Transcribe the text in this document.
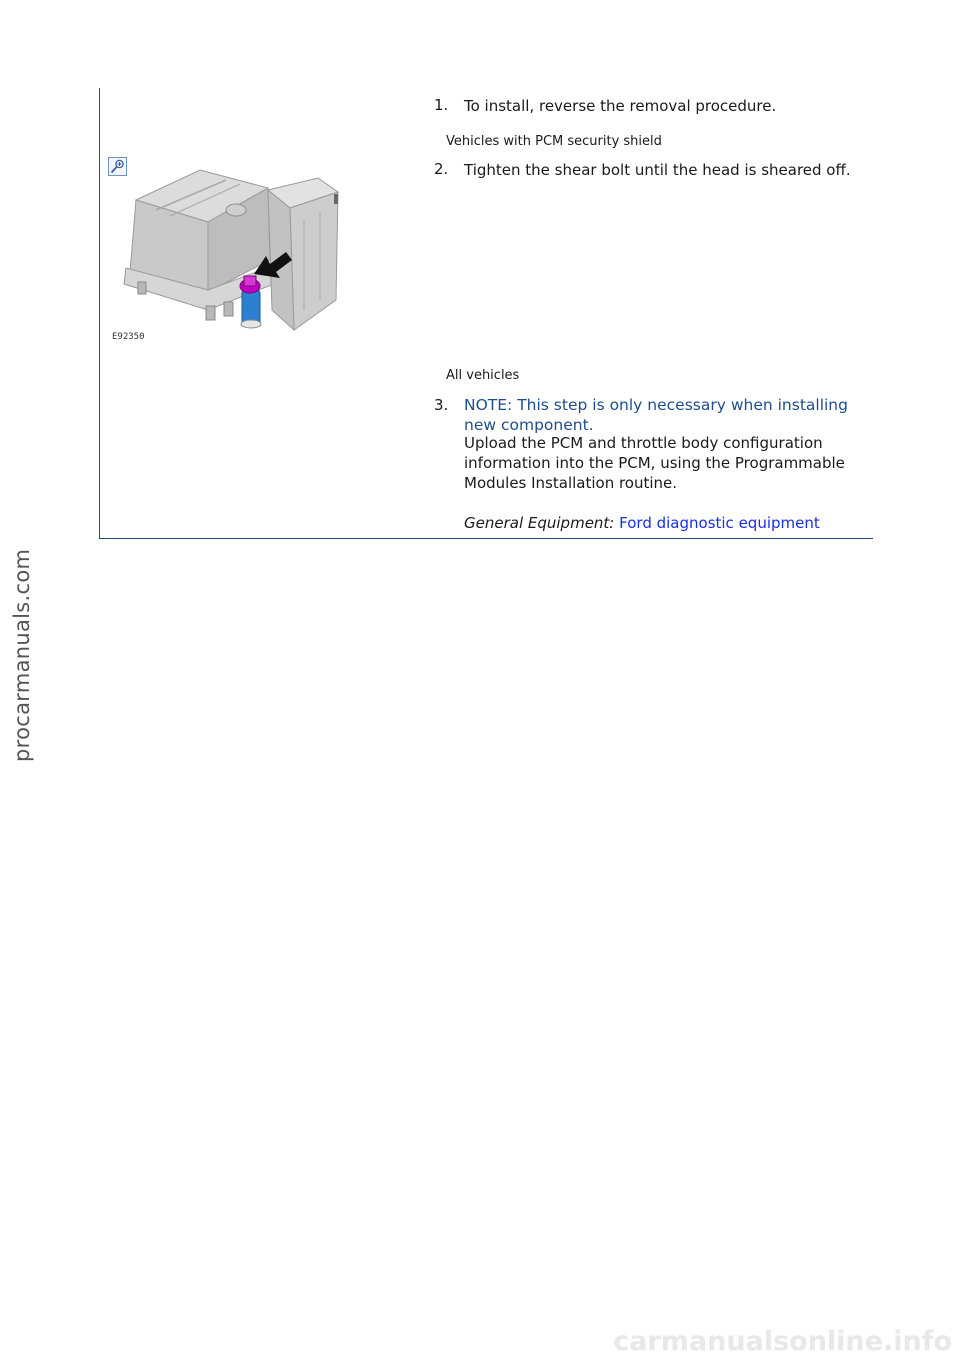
1. To install, reverse the removal procedure.
Vehicles with PCM security shield
E92350
2. Tighten the shear bolt until the head is sheared off.
All vehicles
3. NOTE: This step is only necessary when installing new component.
Upload the PCM and throttle body configuration information into the PCM, using the Programmable Modules Installation routine.
General Equipment: Ford diagnostic equipment
procarmanuals.com
carmanualsonline.info
